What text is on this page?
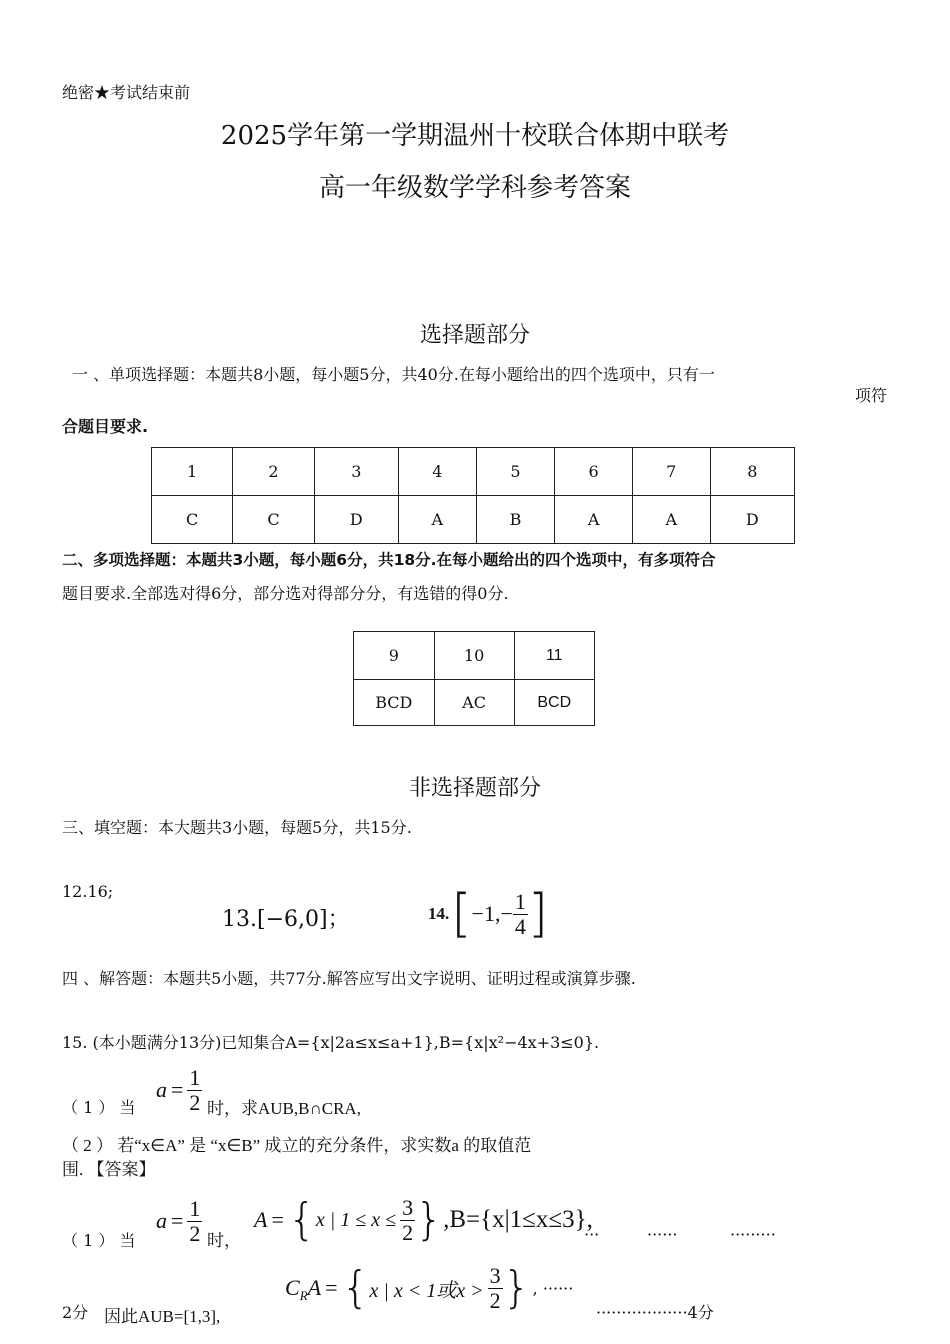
绝密★考试结束前
2025学年第一学期温州十校联合体期中联考
高一年级数学学科参考答案
选择题部分
一 、单项选择题：本题共8小题，每小题5分，共40分.在每小题给出的四个选项中，只有一
项符
合题目要求.
1	2	3	4	5	6	7	8
C	C	D	A	B	A	A	D
二、多项选择题：本题共3小题，每小题6分，共18分.在每小题给出的四个选项中，有多项符合
题目要求.全部选对得6分，部分选对得部分分，有选错的得0分.
9	10	11
BCD	AC	BCD
非选择题部分
三、填空题：本大题共3小题，每题5分，共15分.
12.16;
13.[−6,0]；	14. [ $-1,- \frac{1}{4}$ ]
四 、解答题：本题共5小题，共77分.解答应写出文字说明、证明过程或演算步骤.
15. (本小题满分13分)已知集合A={x|2a≤x≤a+1},B={x|x²−4x+3≤0}.
（ 1 ） 当
$a = \frac{1}{2}$ 时，求AUB,B∩CRA,
（ 2 ） 若“x∈A” 是 “x∈B” 成立的充分条件，求实数a 的取值范
围. 【答案】
（ 1 ） 当
$a = \frac{1}{2}$ 时，
A = { x | $1 \le x \le \frac{3}{2}$ } ,B={x|1≤x≤3},
···	······	·········
C R A = { x | x < 1或$x > \frac{3}{2}$ } , ······
2分 因此AUB=[1,3],	··················4分
